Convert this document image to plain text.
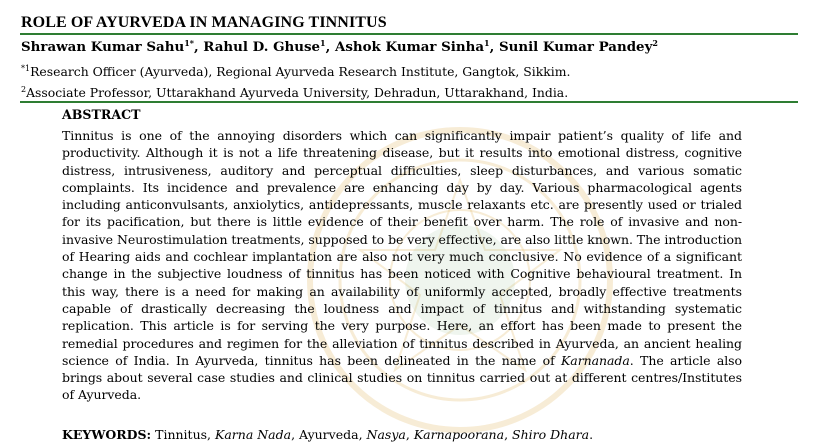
ROLE OF AYURVEDA IN MANAGING TINNITUS
Shrawan Kumar Sahu$^{1*}$, Rahul D. Ghuse$^1$, Ashok Kumar Sinha$^1$, Sunil Kumar Pandey$^2$
$^{*1}$Research Officer (Ayurveda), Regional Ayurveda Research Institute, Gangtok, Sikkim.
$^2$Associate Professor, Uttarakhand Ayurveda University, Dehradun, Uttarakhand, India.
ABSTRACT

Tinnitus is one of the annoying disorders which can significantly impair patient’s quality of life and productivity. Although it is not a life threatening disease, but it results into emotional distress, cognitive distress, intrusiveness, auditory and perceptual difficulties, sleep disturbances, and various somatic complaints. Its incidence and prevalence are enhancing day by day. Various pharmacological agents including anticonvulsants, anxiolytics, antidepressants, muscle relaxants etc. are presently used or trialed for its pacification, but there is little evidence of their benefit over harm. The role of invasive and non-invasive Neurostimulation treatments, supposed to be very effective, are also little known. The introduction of Hearing aids and cochlear implantation are also not very much conclusive. No evidence of a significant change in the subjective loudness of tinnitus has been noticed with Cognitive behavioural treatment. In this way, there is a need for making an availability of uniformly accepted, broadly effective treatments capable of drastically decreasing the loudness and impact of tinnitus and withstanding systematic replication. This article is for serving the very purpose. Here, an effort has been made to present the remedial procedures and regimen for the alleviation of tinnitus described in Ayurveda, an ancient healing science of India. In Ayurveda, tinnitus has been delineated in the name of Karnanada. The article also brings about several case studies and clinical studies on tinnitus carried out at different centres/Institutes of Ayurveda.

KEYWORDS: Tinnitus, Karna Nada, Ayurveda, Nasya, Karnapoorana, Shiro Dhara.
